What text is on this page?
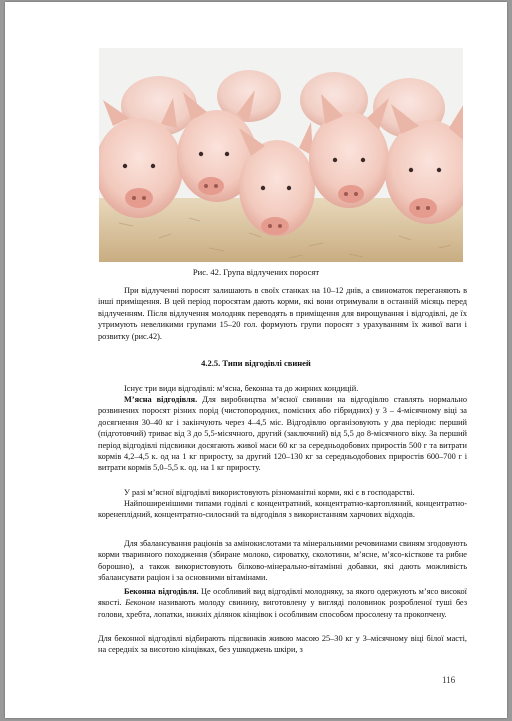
Рис. 42. Група відлучених поросят

При відлученні поросят залишають в своїх станках на 10–12 днів, а свиноматок переганяють в інші приміщення. В цей період поросятам дають корми, які вони отримували в останній місяць перед відлученням. Після відлучення молодняк переводять в приміщення для вирощування і відгодівлі, де їх утримують невеликими групами 15–20 гол. формують групи поросят з урахуванням їх живої ваги і розвитку (рис.42).

4.2.5. Типи відгодівлі свиней

Існує три види відгодівлі: м’ясна, беконна та до жирних кондицій.

М’ясна відгодівля. Для виробництва м’ясної свинини на відгодівлю ставлять нормально розвинених поросят різних порід (чистопородних, помісних або гібридних) у 3 – 4-місячному віці за досягнення 30–40 кг і закінчують через 4–4,5 міс. Відгодівлю організовують у два періоди: перший (підготовчий) триває від 3 до 5,5-місячного, другий (заключний) від 5,5 до 8-місячного віку. За перший період відгодівлі підсвинки досягають живої маси 60 кг за середньодобових приростів 500 г та витрати кормів 4,2–4,5 к. од на 1 кг приросту, за другий 120–130 кг за середньодобових приростів 600–700 г і витрати кормів 5,0–5,5 к. од. на 1 кг приросту.

У разі м’ясної відгодівлі використовують різноманітні корми, які є в господарстві.

Найпоширенішими типами годівлі є концентратний, концентратно-картопляний, концентратно-коренеплідний, концентратно-силосний та відгодівля з використанням харчових відходів.

Для збалансування раціонів за амінокислотами та мінеральними речовинами свиням згодовують корми тваринного походження (збиране молоко, сироватку, сколотини, м’ясне, м’ясо-кісткове та рибне борошно), а також використовують білково-мінерально-вітамінні добавки, які дають можливість збалансувати раціон і за основними вітамінами.

Беконна відгодівля. Це особливий вид відгодівлі молодняку, за якого одержують м’ясо високої якості. Беконом називають молоду свинину, виготовлену у вигляді половинок розробленої туші без голови, хребта, лопатки, нижніх ділянок кінцівок і особливим способом просолену та прокопчену.

Для беконної відгодівлі відбирають підсвинків живою масою 25–30 кг у 3–місячному віці білої масті, на середніх за висотою кінцівках, без ушкоджень шкіри, з

116
